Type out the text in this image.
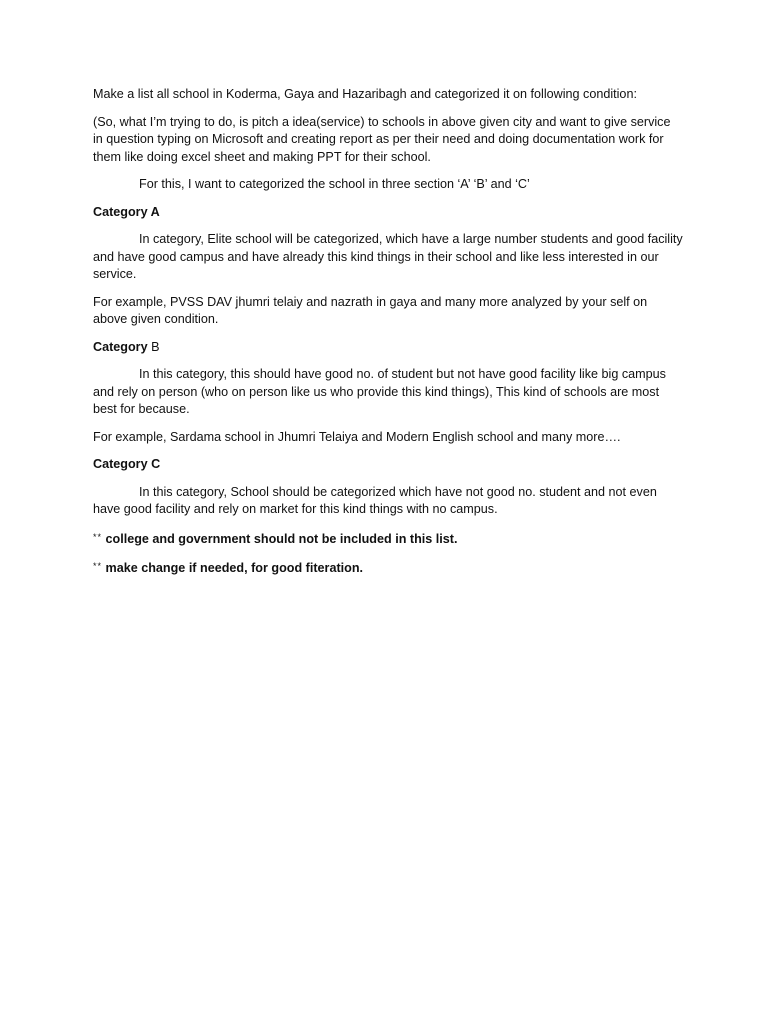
Make a list all school in Koderma, Gaya and Hazaribagh and categorized it on following condition:

(So, what I’m trying to do, is pitch a idea(service) to schools in above given city and want to give service in question typing on Microsoft and creating report as per their need and doing documentation work for them like doing excel sheet and making PPT for their school.

For this, I want to categorized the school in three section ‘A’ ‘B’ and ‘C’

Category A

In category, Elite school will be categorized, which have a large number students and good facility and have good campus and have already this kind things in their school and like less interested in our service.

For example, PVSS DAV jhumri telaiy and nazrath in gaya and many more analyzed by your self on above given condition.

Category B

In this category, this should have good no. of student but not have good facility like big campus and rely on person (who on person like us who provide this kind things), This kind of schools are most best for because.

For example, Sardama school in Jhumri Telaiya and Modern English school and many more….

Category C

In this category, School should be categorized which have not good no. student and not even have good facility and rely on market for this kind things with no campus.

** college and government should not be included in this list.

** make change if needed, for good fiteration.
